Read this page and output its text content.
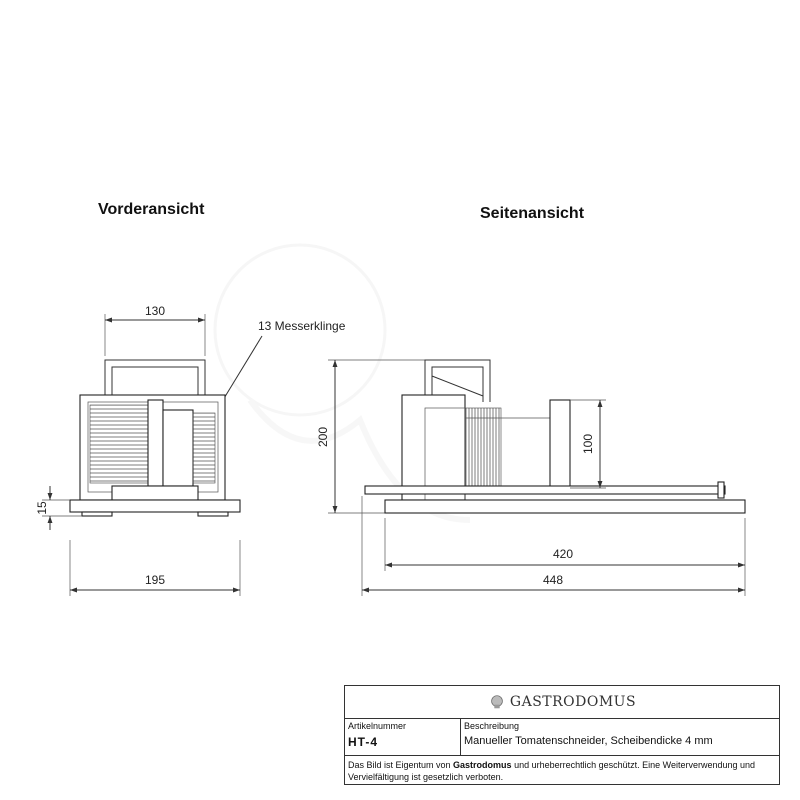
Vorderansicht	Seitenansicht
130
13 Messerklinge
15
195
200	100
420
448
GASTRODOMUS
Artikelnummer
HT-4
Beschreibung
Manueller Tomatenschneider, Scheibendicke 4 mm
Das Bild ist Eigentum von Gastrodomus und urheberrechtlich geschützt. Eine Weiterverwendung und Vervielfältigung ist gesetzlich verboten.
